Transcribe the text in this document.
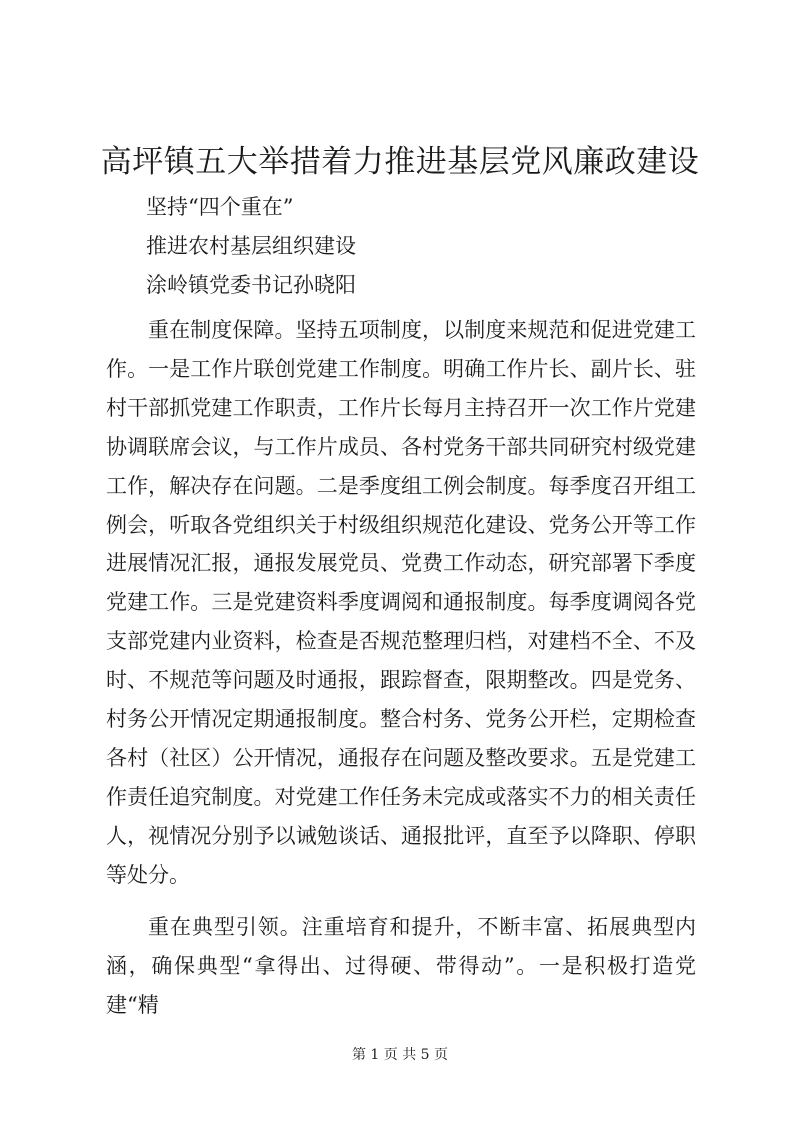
高坪镇五大举措着力推进基层党风廉政建设

坚持“四个重在”

推进农村基层组织建设

涂岭镇党委书记孙晓阳

重在制度保障。坚持五项制度，以制度来规范和促进党建工作。一是工作片联创党建工作制度。明确工作片长、副片长、驻村干部抓党建工作职责，工作片长每月主持召开一次工作片党建协调联席会议，与工作片成员、各村党务干部共同研究村级党建工作，解决存在问题。二是季度组工例会制度。每季度召开组工例会，听取各党组织关于村级组织规范化建设、党务公开等工作进展情况汇报，通报发展党员、党费工作动态，研究部署下季度党建工作。三是党建资料季度调阅和通报制度。每季度调阅各党支部党建内业资料，检查是否规范整理归档，对建档不全、不及时、不规范等问题及时通报，跟踪督查，限期整改。四是党务、村务公开情况定期通报制度。整合村务、党务公开栏，定期检查各村（社区）公开情况，通报存在问题及整改要求。五是党建工作责任追究制度。对党建工作任务未完成或落实不力的相关责任人，视情况分别予以诫勉谈话、通报批评，直至予以降职、停职等处分。

重在典型引领。注重培育和提升，不断丰富、拓展典型内涵，确保典型“拿得出、过得硬、带得动”。一是积极打造党建“精

第 1 页 共 5 页
